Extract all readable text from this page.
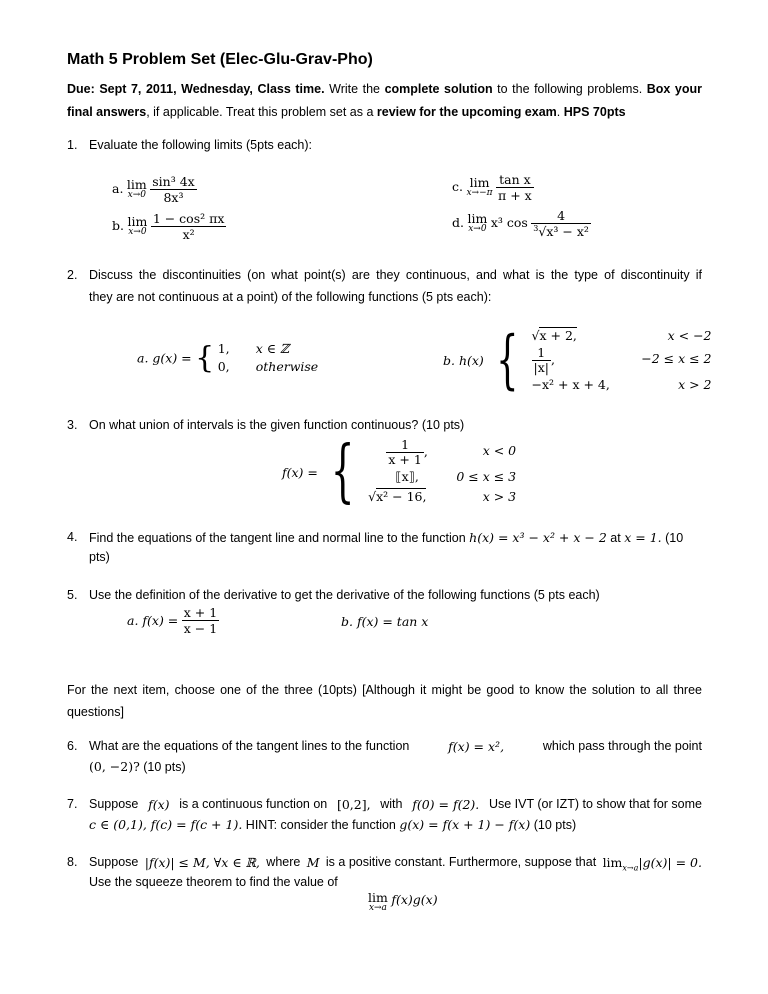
Math 5 Problem Set (Elec-Glu-Grav-Pho)
Due: Sept 7, 2011, Wednesday, Class time. Write the complete solution to the following problems. Box your
final answers, if applicable. Treat this problem set as a review for the upcoming exam. HPS 70pts
1. Evaluate the following limits (5pts each):
a. lim
x→0
$\frac{\text{sin³ 4x}}{\text{8x³}}$
b. lim
x→0
$\frac{\text{1 − cos² πx}}{\text{x²}}$
c. lim
x→−π
$\frac{\text{tan x}}{\pi + x}$
d. lim
x→0 x³ $\cos \frac{4}{^3√x^3 - x^2}$
2. Discuss the discontinuities (on what point(s) are they continuous, and what is the type of discontinuity if
they are not continuous at a point) of the following functions (5 pts each):
a. g(x) = { 1, x ∈ ℤ
0, otherwise	b. h(x) { √x + 2,	x < −2

$\frac{1}{|x|}$ ,	−2 ≤ x ≤ 2
−x² + x + 4,	x > 2
3. On what union of intervals is the given function continuous? (10 pts)
f(x) = {	$\frac{1}{x + 1}$ ,	x < 0
⟦x⟧,	0 ≤ x ≤ 3
√x² − 16,	x > 3
4. Find the equations of the tangent line and normal line to the function h(x) = x³ − x² + x − 2 at x = 1. (10
pts)
5. Use the definition of the derivative to get the derivative of the following functions (5 pts each)
a. $f(x) = \frac{x + 1}{x - 1}$	b. f(x) = tan x
For the next item, choose one of the three (10pts) [Although it might be good to know the solution to all three
questions]
6. What are the equations of the tangent lines to the function	f(x) = x²,	which pass through the point
(0, −2)? (10 pts)
7. Suppose f(x) is a continuous function on [0,2], with f(0) = f(2). Use IVT (or IZT) to show that for some
c ∈ (0,1), f(c) = f(c + 1). HINT: consider the function g(x) = f(x + 1) − f(x) (10 pts)
8. Suppose |f(x)| ≤ M, ∀x ∈ ℝ, where M is a positive constant. Furthermore, suppose that $\lim_{x\to a}|g(x)| = 0$.
Use the squeeze theorem to find the value of
lim
x→a
f(x)g(x)
